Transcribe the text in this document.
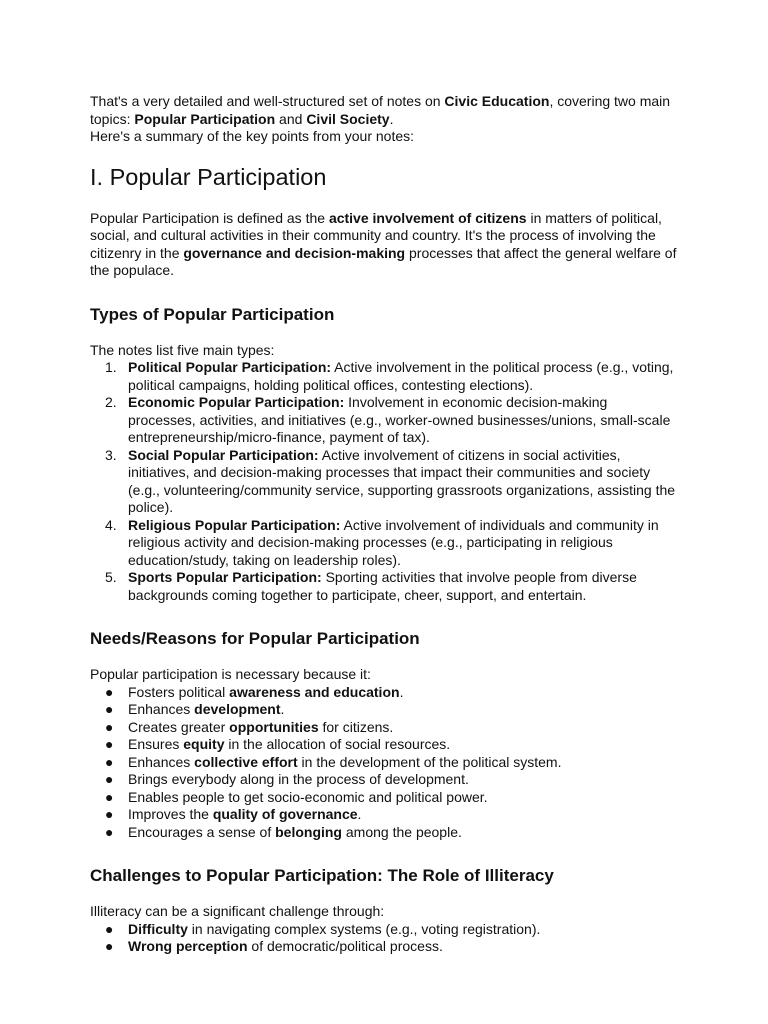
That's a very detailed and well-structured set of notes on Civic Education, covering two main topics: Popular Participation and Civil Society.

Here's a summary of the key points from your notes:

I. Popular Participation

Popular Participation is defined as the active involvement of citizens in matters of political, social, and cultural activities in their community and country. It's the process of involving the citizenry in the governance and decision-making processes that affect the general welfare of the populace.

Types of Popular Participation

The notes list five main types:

1. Political Popular Participation: Active involvement in the political process (e.g., voting, political campaigns, holding political offices, contesting elections).
2. Economic Popular Participation: Involvement in economic decision-making processes, activities, and initiatives (e.g., worker-owned businesses/unions, small-scale entrepreneurship/micro-finance, payment of tax).
3. Social Popular Participation: Active involvement of citizens in social activities, initiatives, and decision-making processes that impact their communities and society (e.g., volunteering/community service, supporting grassroots organizations, assisting the police).
4. Religious Popular Participation: Active involvement of individuals and community in religious activity and decision-making processes (e.g., participating in religious education/study, taking on leadership roles).
5. Sports Popular Participation: Sporting activities that involve people from diverse backgrounds coming together to participate, cheer, support, and entertain.
Needs/Reasons for Popular Participation

Popular participation is necessary because it:

● Fosters political awareness and education.
● Enhances development.
● Creates greater opportunities for citizens.
● Ensures equity in the allocation of social resources.
● Enhances collective effort in the development of the political system.
● Brings everybody along in the process of development.
● Enables people to get socio-economic and political power.
● Improves the quality of governance.
● Encourages a sense of belonging among the people.
Challenges to Popular Participation: The Role of Illiteracy

Illiteracy can be a significant challenge through:

● Difficulty in navigating complex systems (e.g., voting registration).
● Wrong perception of democratic/political process.
